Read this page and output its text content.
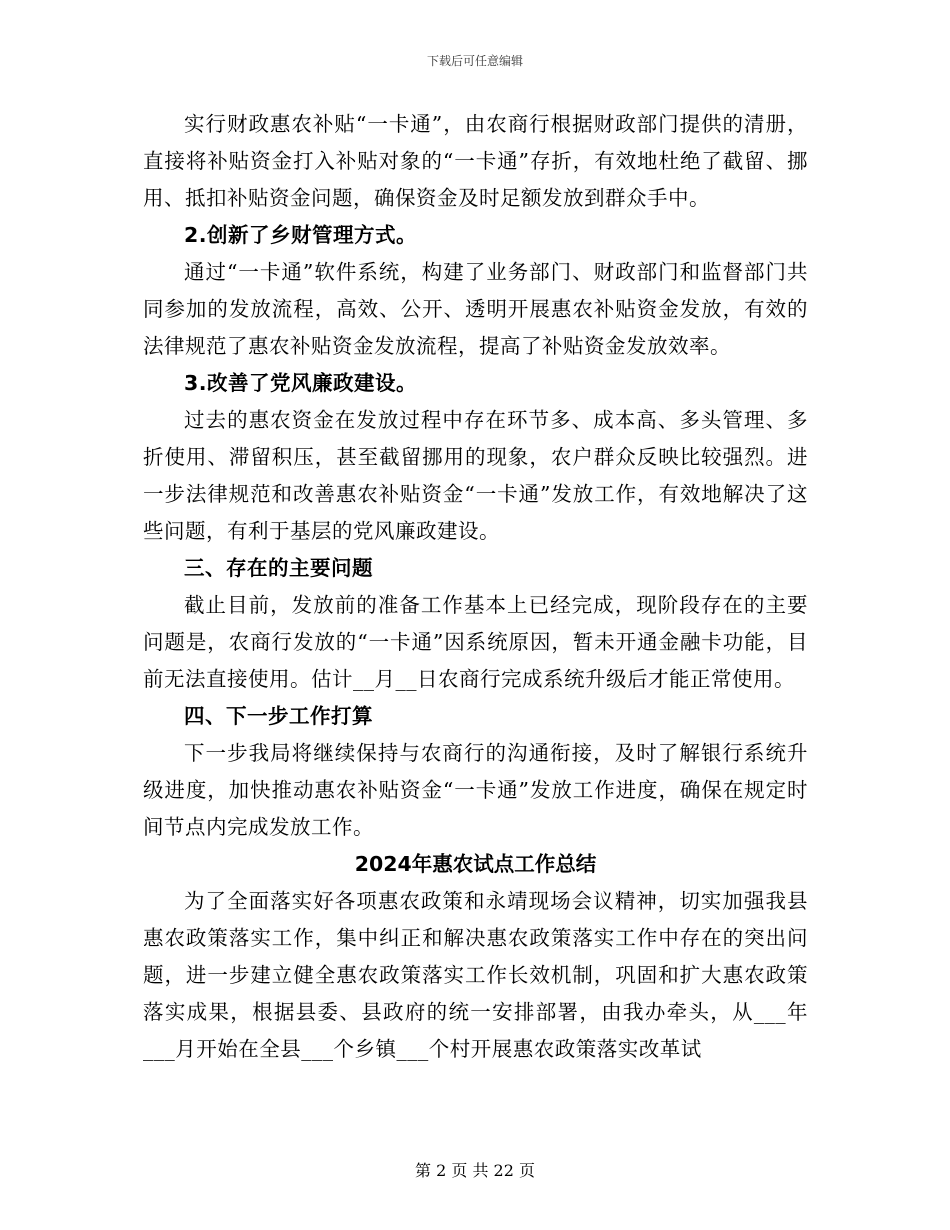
下载后可任意编辑

实行财政惠农补贴“一卡通”，由农商行根据财政部门提供的清册，直接将补贴资金打入补贴对象的“一卡通”存折，有效地杜绝了截留、挪用、抵扣补贴资金问题，确保资金及时足额发放到群众手中。

2.创新了乡财管理方式。

通过“一卡通”软件系统，构建了业务部门、财政部门和监督部门共同参加的发放流程，高效、公开、透明开展惠农补贴资金发放，有效的法律规范了惠农补贴资金发放流程，提高了补贴资金发放效率。

3.改善了党风廉政建设。

过去的惠农资金在发放过程中存在环节多、成本高、多头管理、多折使用、滞留积压，甚至截留挪用的现象，农户群众反映比较强烈。进一步法律规范和改善惠农补贴资金“一卡通”发放工作，有效地解决了这些问题，有利于基层的党风廉政建设。

三、存在的主要问题

截止目前，发放前的准备工作基本上已经完成，现阶段存在的主要问题是，农商行发放的“一卡通”因系统原因，暂未开通金融卡功能，目前无法直接使用。估计__月__日农商行完成系统升级后才能正常使用。

四、下一步工作打算

下一步我局将继续保持与农商行的沟通衔接，及时了解银行系统升级进度，加快推动惠农补贴资金“一卡通”发放工作进度，确保在规定时间节点内完成发放工作。

2024年惠农试点工作总结

为了全面落实好各项惠农政策和永靖现场会议精神，切实加强我县惠农政策落实工作，集中纠正和解决惠农政策落实工作中存在的突出问题，进一步建立健全惠农政策落实工作长效机制，巩固和扩大惠农政策落实成果，根据县委、县政府的统一安排部署，由我办牵头，从___年___月开始在全县___个乡镇___个村开展惠农政策落实改革试

第 2 页 共 22 页
